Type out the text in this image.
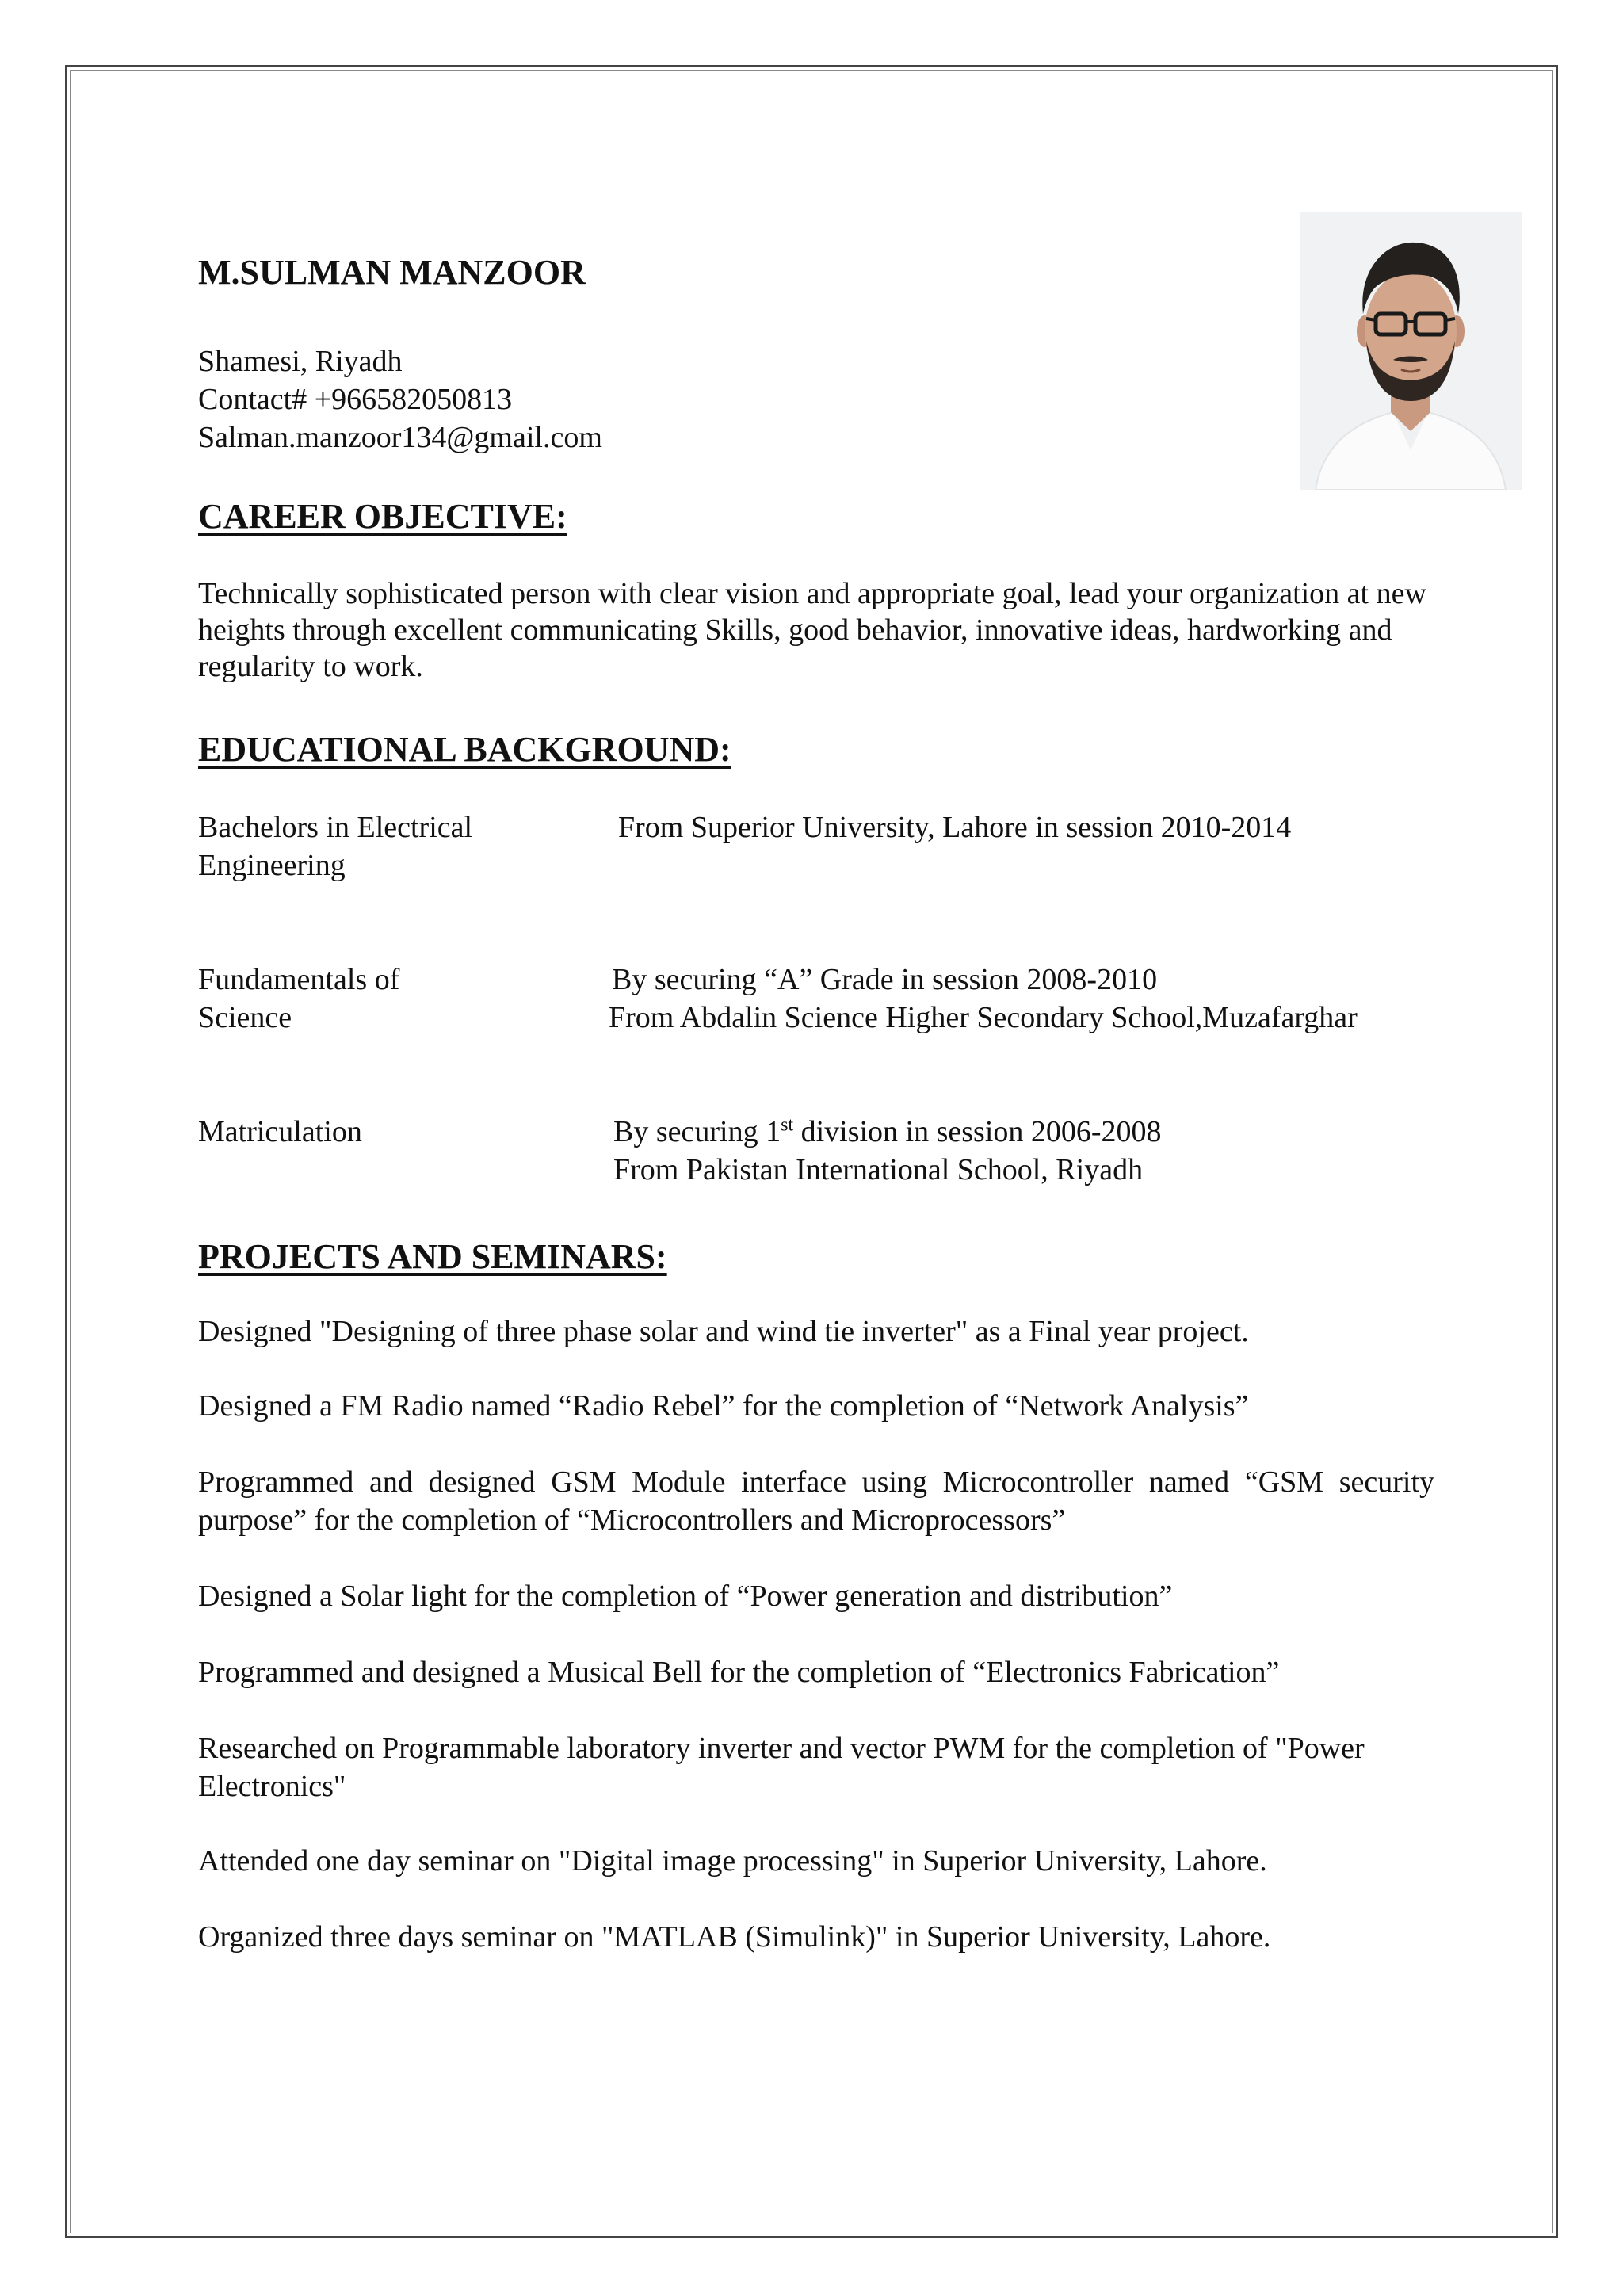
M.SULMAN MANZOOR
Shamesi, Riyadh
Contact# +966582050813
Salman.manzoor134@gmail.com
CAREER OBJECTIVE:

Technically sophisticated person with clear vision and appropriate goal, lead your organization at new heights through excellent communicating Skills, good behavior, innovative ideas, hardworking and regularity to work.

EDUCATIONAL BACKGROUND:
Bachelors in Electrical Engineering
From Superior University, Lahore in session 2010-2014
Fundamentals of Science
By securing “A” Grade in session 2008-2010
From Abdalin Science Higher Secondary School,Muzafarghar
Matriculation	By securing 1st division in session 2006-2008
From Pakistan International School, Riyadh
PROJECTS AND SEMINARS:

Designed "Designing of three phase solar and wind tie inverter" as a Final year project.

Designed a FM Radio named “Radio Rebel” for the completion of “Network Analysis”

Programmed and designed GSM Module interface using Microcontroller named “GSM security purpose” for the completion of “Microcontrollers and Microprocessors”

Designed a Solar light for the completion of “Power generation and distribution”

Programmed and designed a Musical Bell for the completion of “Electronics Fabrication”

Researched on Programmable laboratory inverter and vector PWM for the completion of "Power Electronics"

Attended one day seminar on "Digital image processing" in Superior University, Lahore.

Organized three days seminar on "MATLAB (Simulink)" in Superior University, Lahore.
